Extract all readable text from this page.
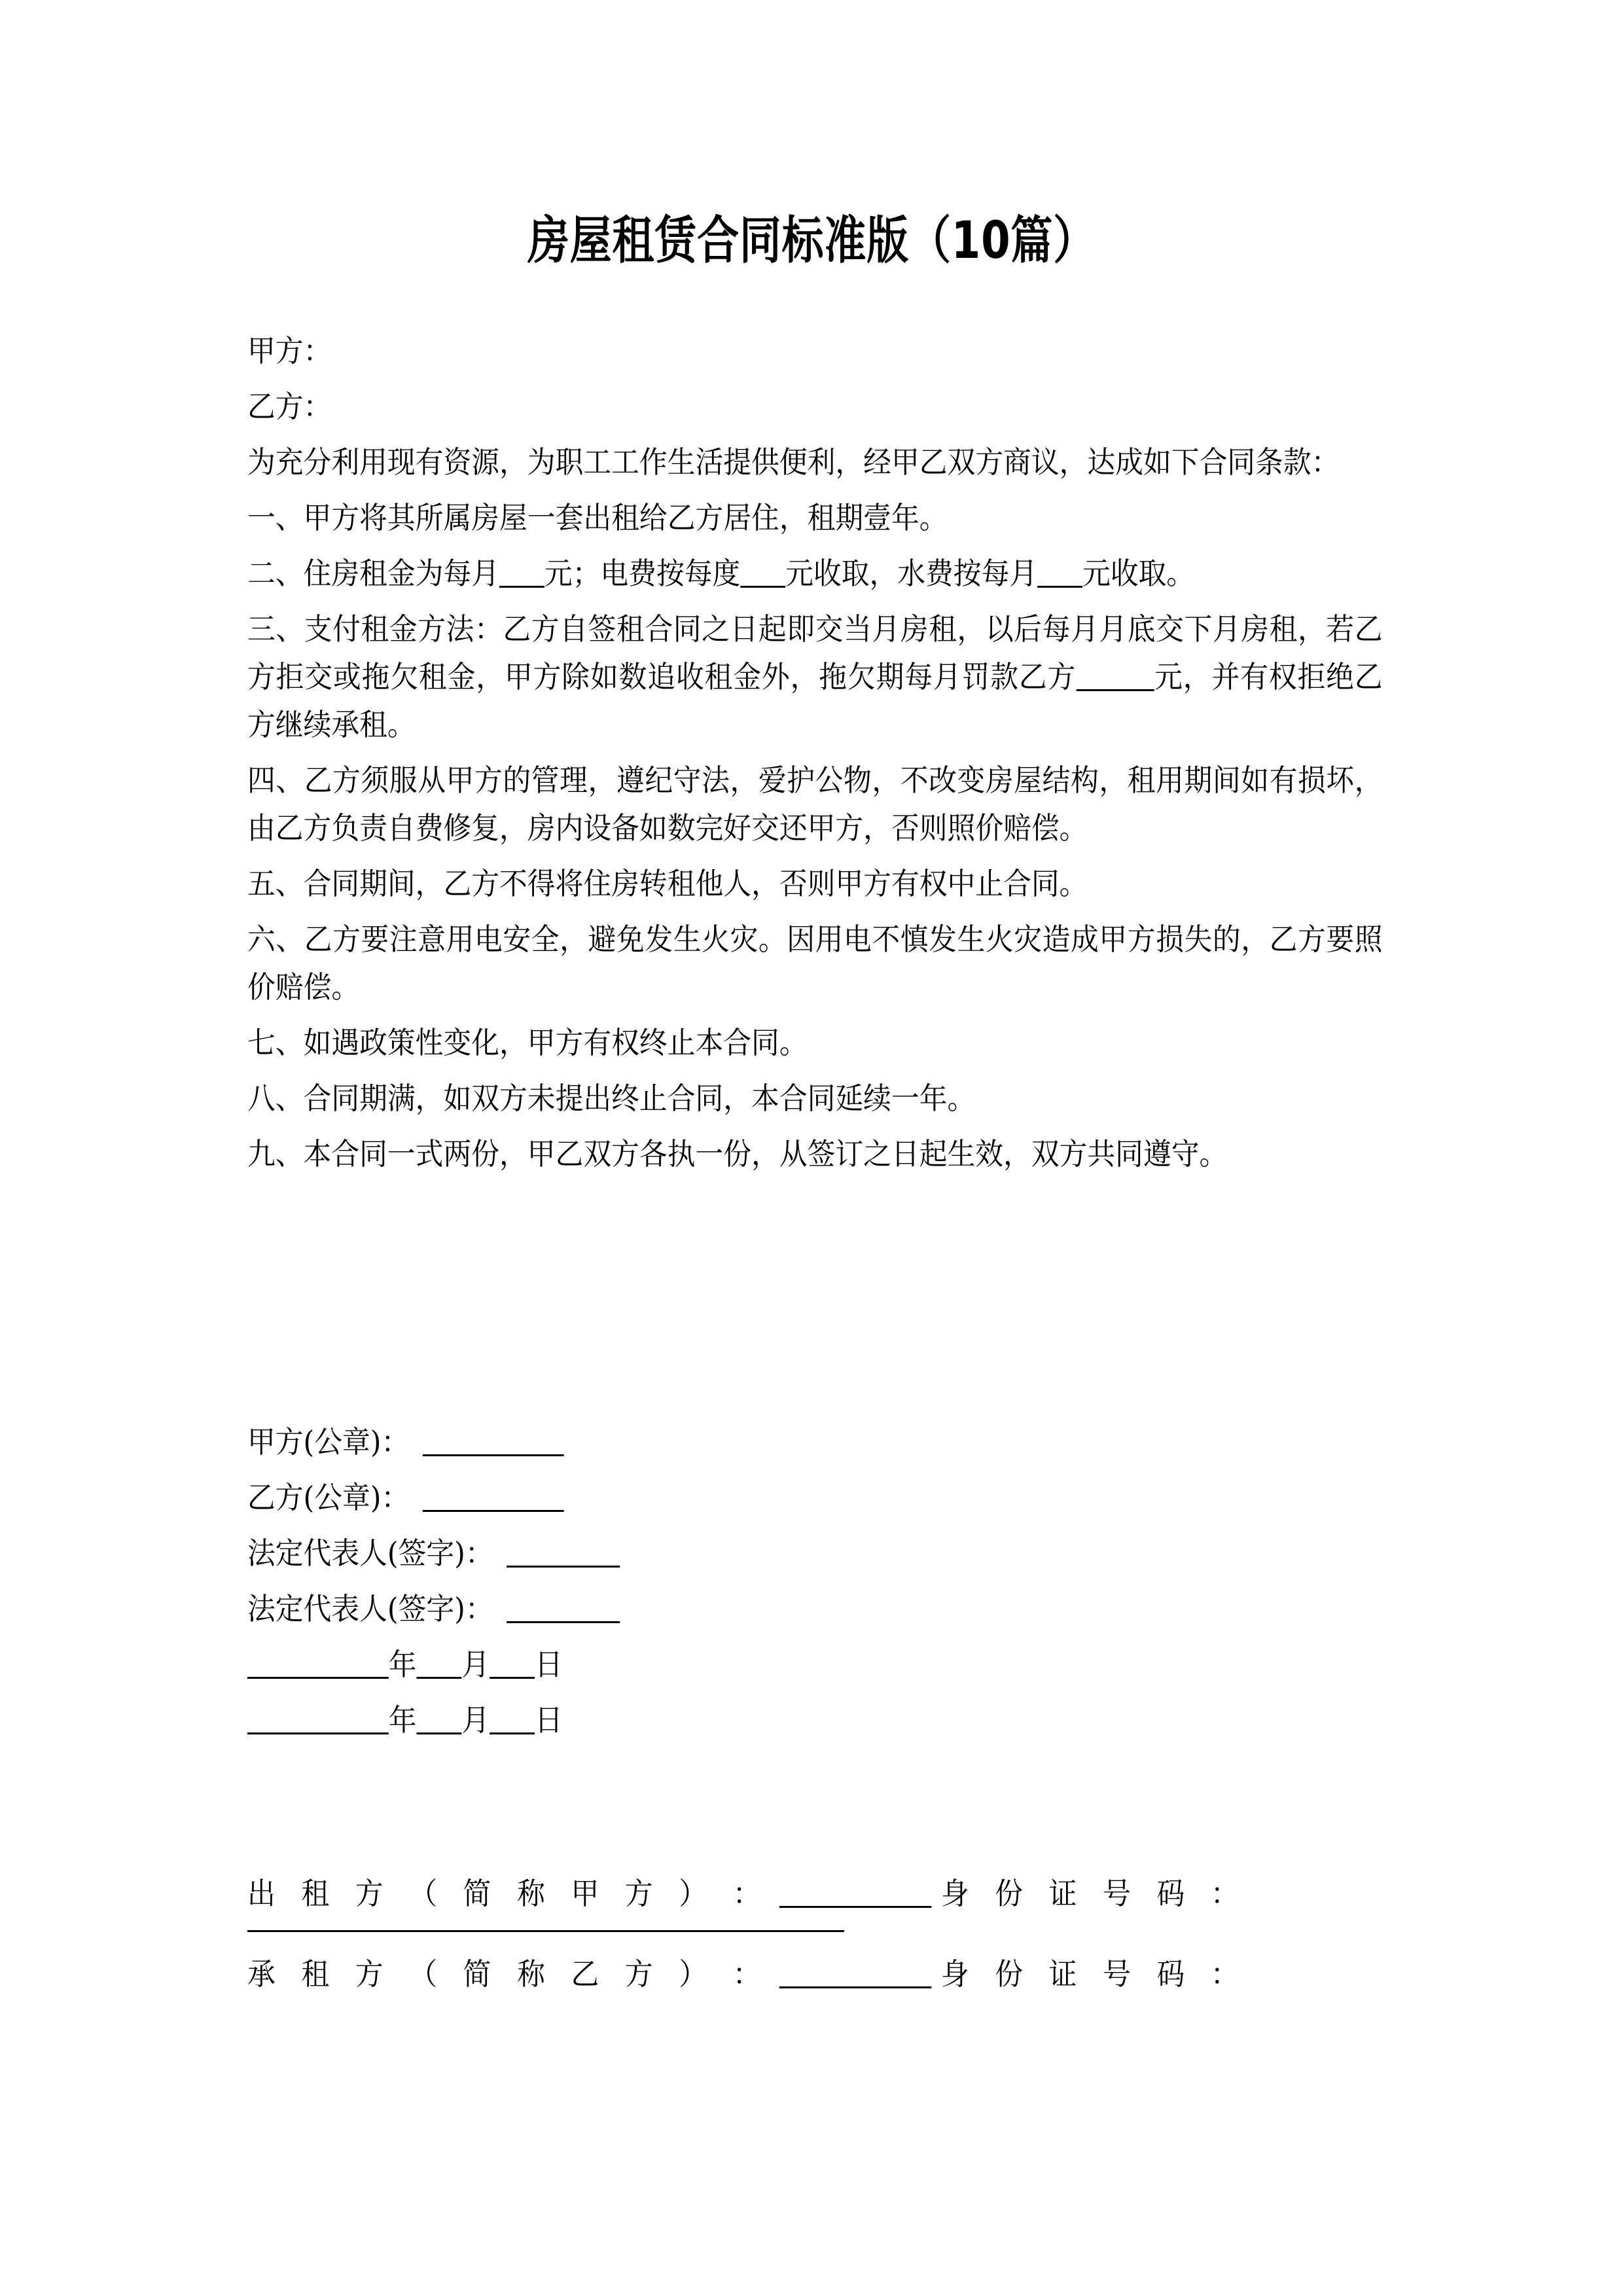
房屋租赁合同标准版（10篇）

甲方：

乙方：

为充分利用现有资源，为职工工作生活提供便利，经甲乙双方商议，达成如下合同条款：

一、甲方将其所属房屋一套出租给乙方居住，租期壹年。

二、住房租金为每月 元；电费按每度 元收取，水费按每月 元收取。

三、支付租金方法：乙方自签租合同之日起即交当月房租，以后每月月底交下月房租，若乙方拒交或拖欠租金，甲方除如数追收租金外，拖欠期每月罚款乙方	元，并有权拒绝乙方继续承租。

四、乙方须服从甲方的管理，遵纪守法，爱护公物，不改变房屋结构，租用期间如有损坏，由乙方负责自费修复，房内设备如数完好交还甲方，否则照价赔偿。

五、合同期间，乙方不得将住房转租他人，否则甲方有权中止合同。

六、乙方要注意用电安全，避免发生火灾。因用电不慎发生火灾造成甲方损失的，乙方要照价赔偿。

七、如遇政策性变化，甲方有权终止本合同。

八、合同期满，如双方未提出终止合同，本合同延续一年。

九、本合同一式两份，甲乙双方各执一份，从签订之日起生效，双方共同遵守。

甲方(公章)：
乙方(公章)：
法定代表人(签字)：
法定代表人(签字)：
年 月 日
年 月 日
出 租 方 （ 简 称 甲 方 ） ：	身 份 证 号 码 ：
承 租 方 （ 简 称 乙 方 ） ：	身 份 证 号 码 ：
